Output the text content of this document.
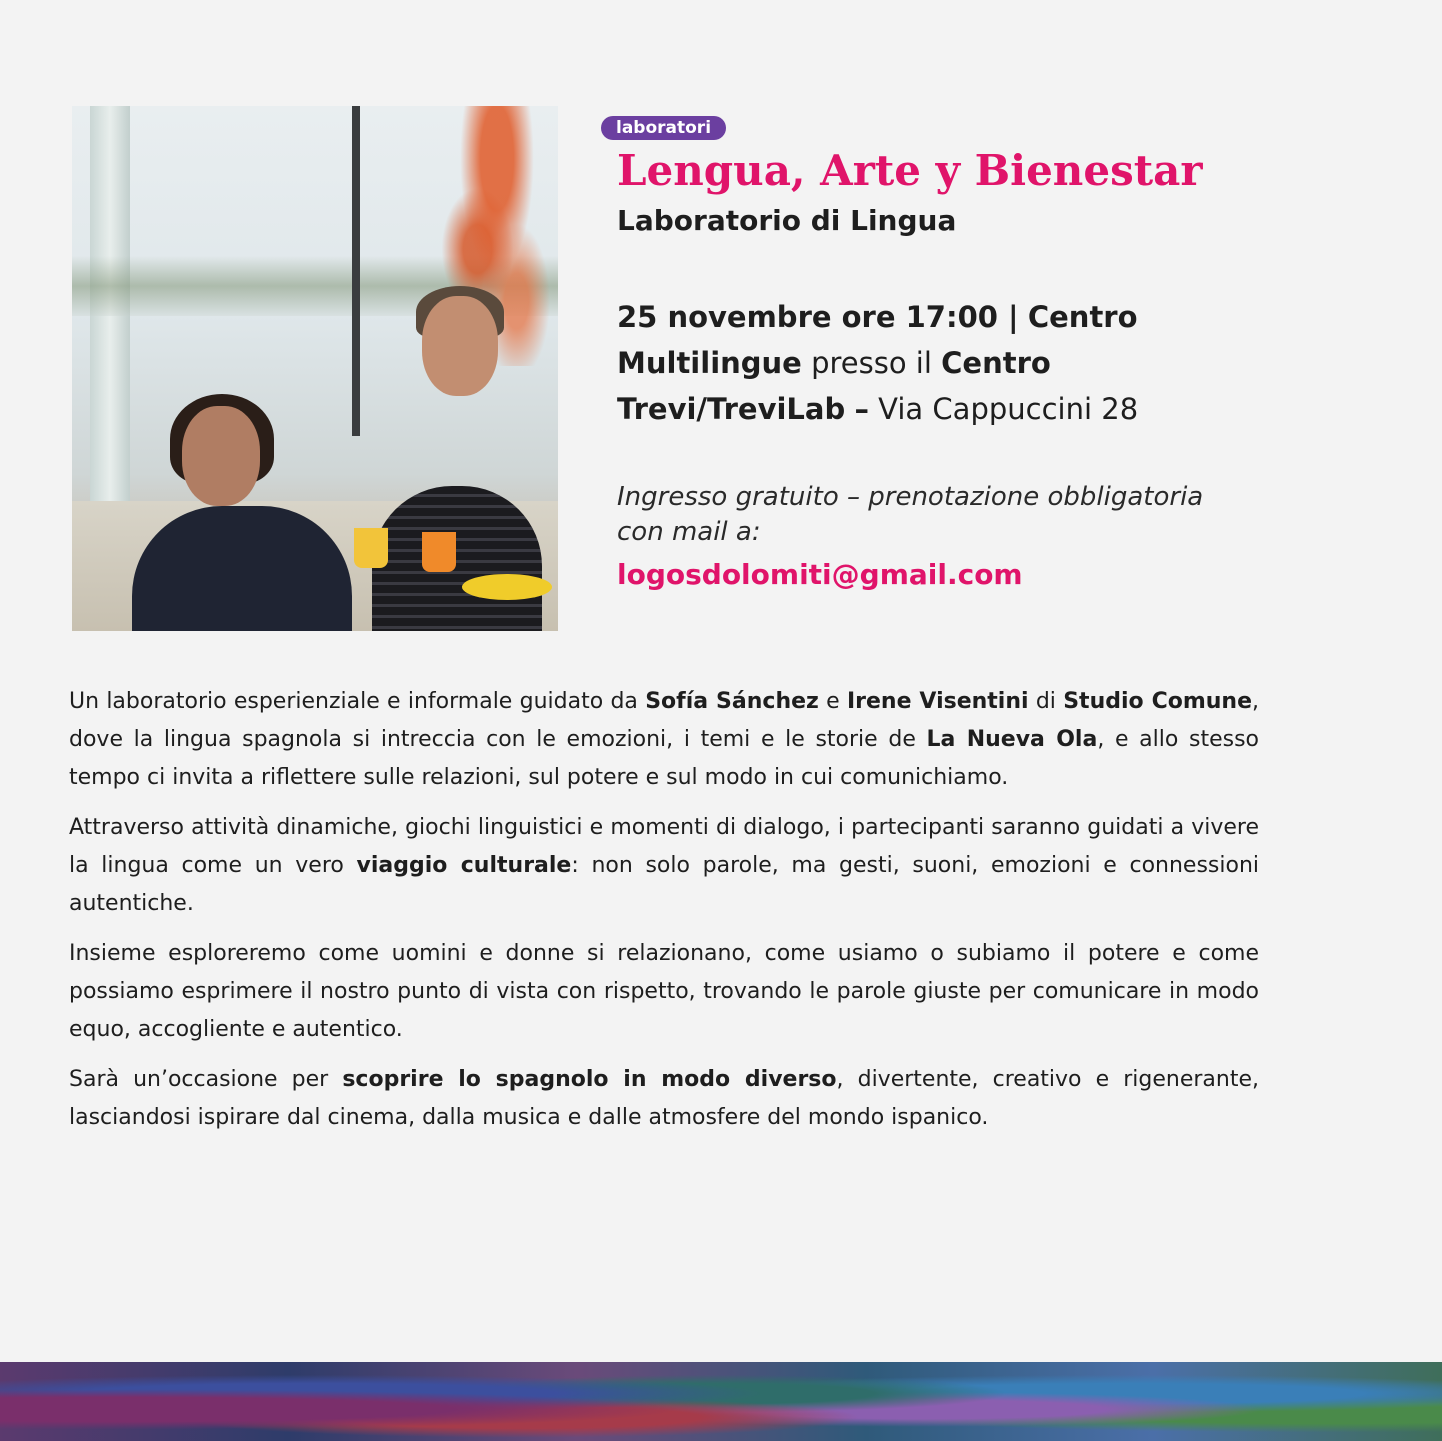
laboratori
Lengua, Arte y Bienestar
Laboratorio di Lingua

25 novembre ore 17:00 | Centro Multilingue presso il Centro Trevi/TreviLab – Via Cappuccini 28

Ingresso gratuito – prenotazione obbligatoria con mail a:

logosdolomiti@gmail.com

Un laboratorio esperienziale e informale guidato da Sofía Sánchez e Irene Visentini di Studio Comune, dove la lingua spagnola si intreccia con le emozioni, i temi e le storie de La Nueva Ola, e allo stesso tempo ci invita a riflettere sulle relazioni, sul potere e sul modo in cui comunichiamo.

Attraverso attività dinamiche, giochi linguistici e momenti di dialogo, i partecipanti saranno guidati a vivere la lingua come un vero viaggio culturale: non solo parole, ma gesti, suoni, emozioni e connessioni autentiche.

Insieme esploreremo come uomini e donne si relazionano, come usiamo o subiamo il potere e come possiamo esprimere il nostro punto di vista con rispetto, trovando le parole giuste per comunicare in modo equo, accogliente e autentico.

Sarà un’occasione per scoprire lo spagnolo in modo diverso, divertente, creativo e rigenerante, lasciandosi ispirare dal cinema, dalla musica e dalle atmosfere del mondo ispanico.
